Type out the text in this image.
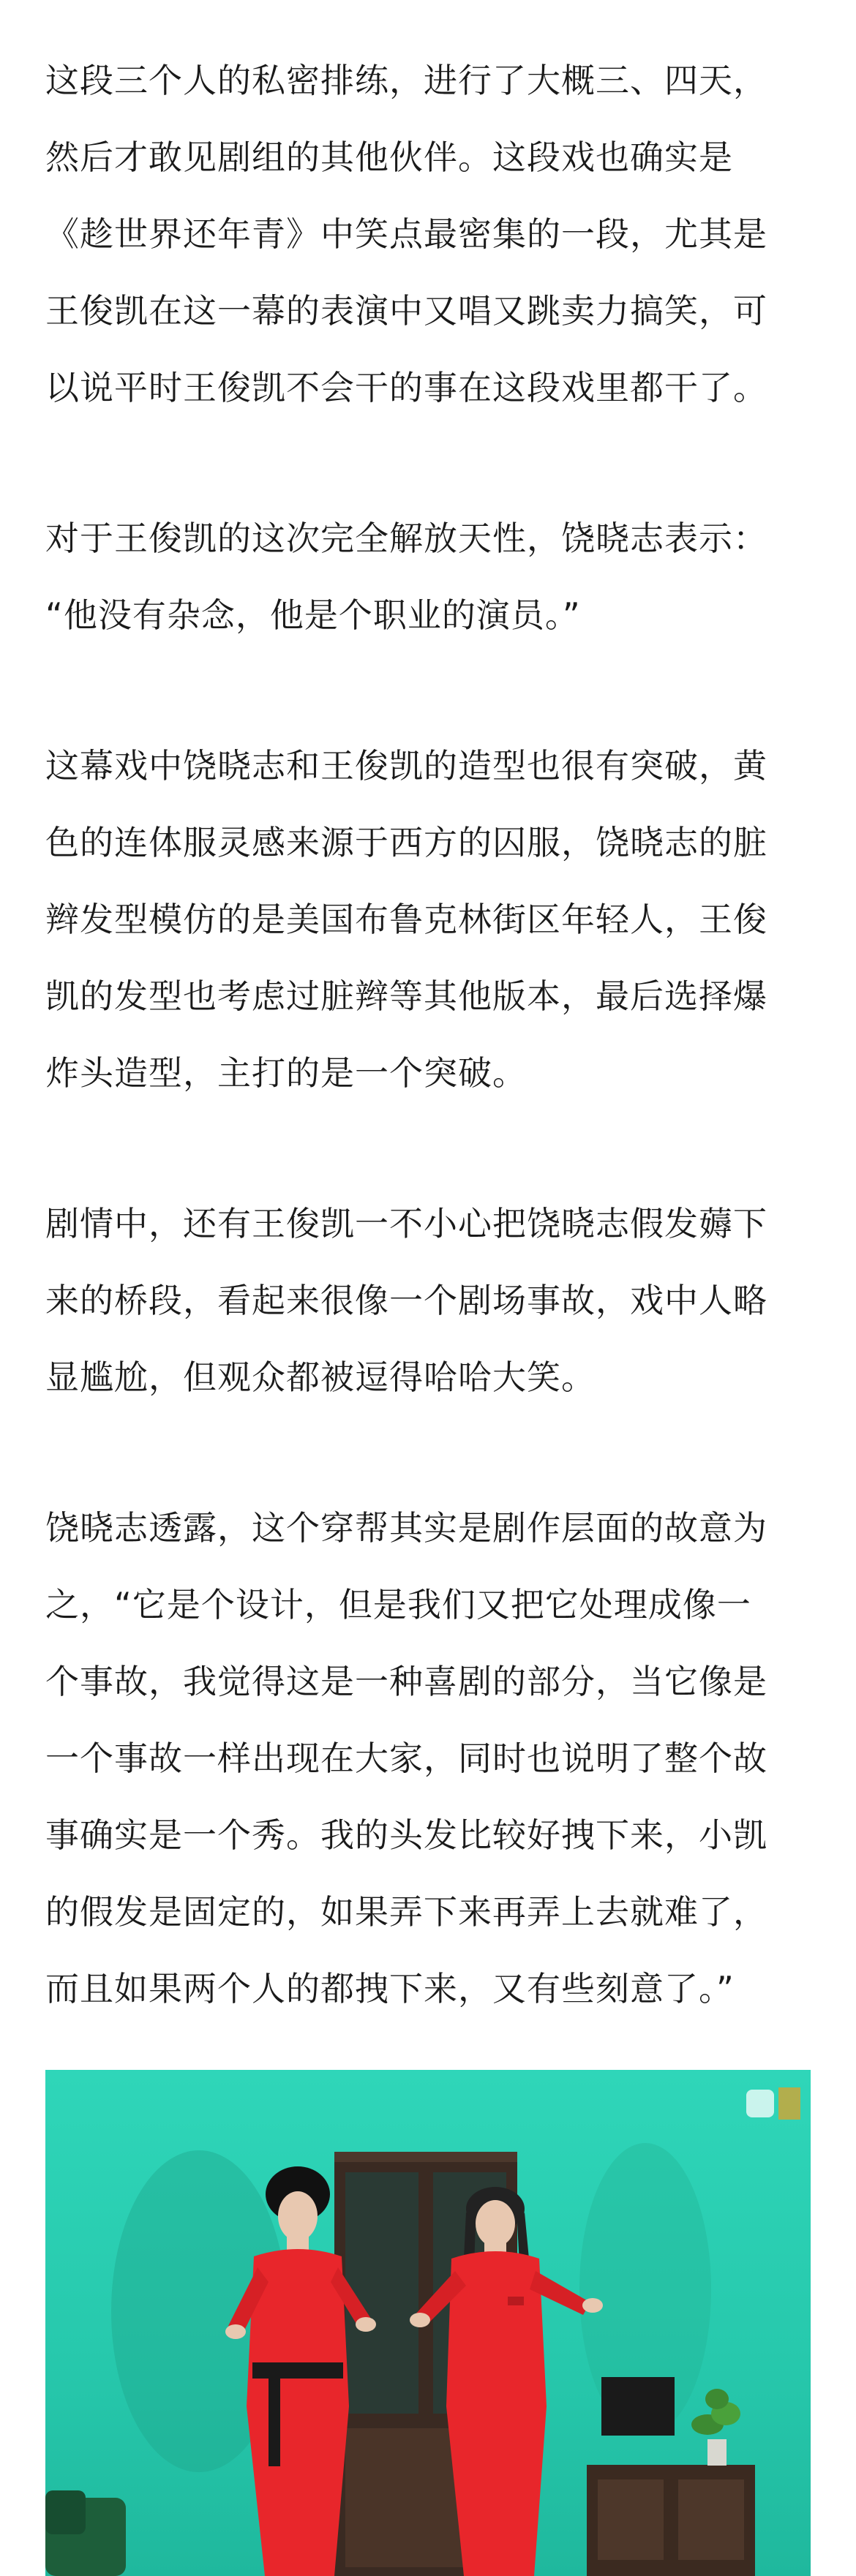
这段三个人的私密排练，进行了大概三、四天，
然后才敢见剧组的其他伙伴。这段戏也确实是
《趁世界还年青》中笑点最密集的一段，尤其是
王俊凯在这一幕的表演中又唱又跳卖力搞笑，可
以说平时王俊凯不会干的事在这段戏里都干了。

对于王俊凯的这次完全解放天性，饶晓志表示：
“他没有杂念，他是个职业的演员。”

这幕戏中饶晓志和王俊凯的造型也很有突破，黄
色的连体服灵感来源于西方的囚服，饶晓志的脏
辫发型模仿的是美国布鲁克林街区年轻人，王俊
凯的发型也考虑过脏辫等其他版本，最后选择爆
炸头造型，主打的是一个突破。

剧情中，还有王俊凯一不小心把饶晓志假发薅下
来的桥段，看起来很像一个剧场事故，戏中人略
显尴尬，但观众都被逗得哈哈大笑。

饶晓志透露，这个穿帮其实是剧作层面的故意为
之，“它是个设计，但是我们又把它处理成像一
个事故，我觉得这是一种喜剧的部分，当它像是
一个事故一样出现在大家，同时也说明了整个故
事确实是一个秀。我的头发比较好拽下来，小凯
的假发是固定的，如果弄下来再弄上去就难了，
而且如果两个人的都拽下来，又有些刻意了。”
